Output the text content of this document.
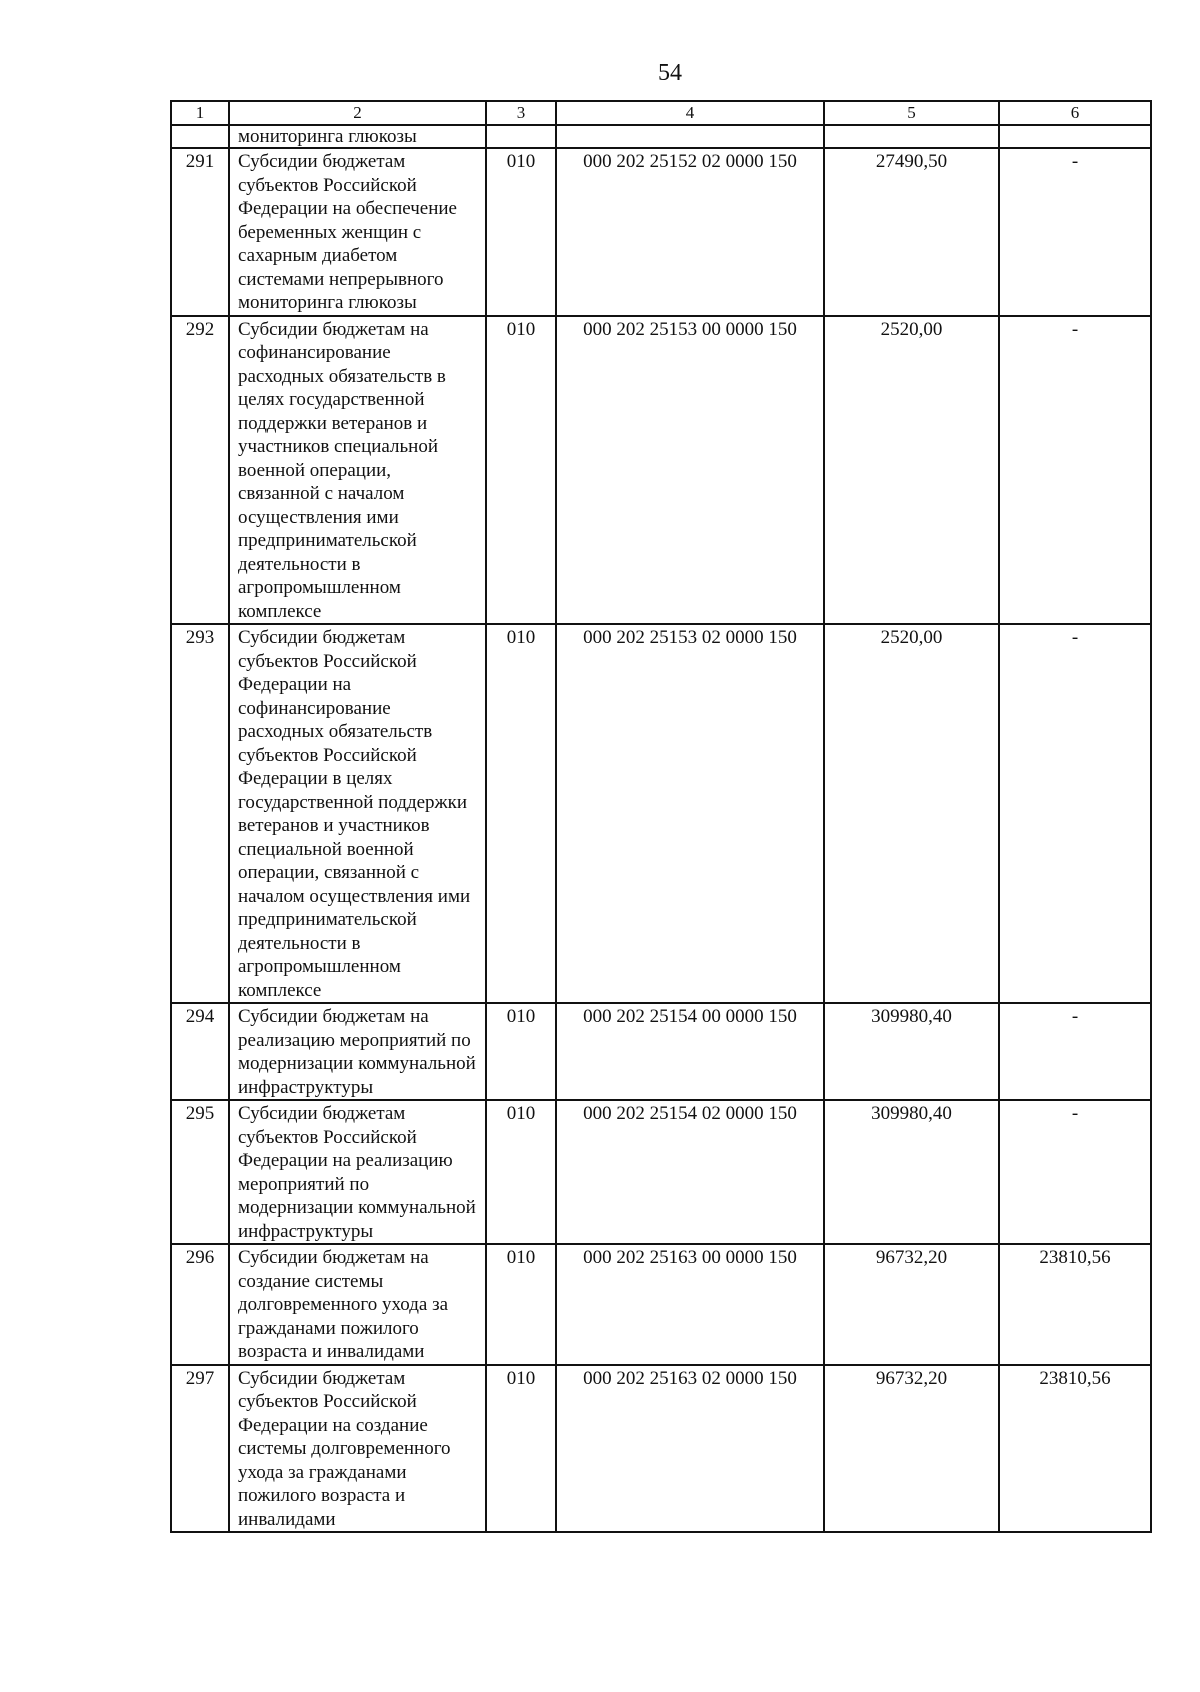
54
1	2	3	4	5	6
	мониторинга глюкозы				
291	Субсидии бюджетам субъектов Российской Федерации на обеспечение беременных женщин с сахарным диабетом системами непрерывного мониторинга глюкозы	010	000 202 25152 02 0000 150	27490,50	-
292	Субсидии бюджетам на софинансирование расходных обязательств в целях государственной поддержки ветеранов и участников специальной военной операции, связанной с началом осуществления ими предпринимательской деятельности в агропромышленном комплексе	010	000 202 25153 00 0000 150	2520,00	-
293	Субсидии бюджетам субъектов Российской Федерации на софинансирование расходных обязательств субъектов Российской Федерации в целях государственной поддержки ветеранов и участников специальной военной операции, связанной с началом осуществления ими предпринимательской деятельности в агропромышленном комплексе	010	000 202 25153 02 0000 150	2520,00	-
294	Субсидии бюджетам на реализацию мероприятий по модернизации коммунальной инфраструктуры	010	000 202 25154 00 0000 150	309980,40	-
295	Субсидии бюджетам субъектов Российской Федерации на реализацию мероприятий по модернизации коммунальной инфраструктуры	010	000 202 25154 02 0000 150	309980,40	-
296	Субсидии бюджетам на создание системы долговременного ухода за гражданами пожилого возраста и инвалидами	010	000 202 25163 00 0000 150	96732,20	23810,56
297	Субсидии бюджетам субъектов Российской Федерации на создание системы долговременного ухода за гражданами пожилого возраста и инвалидами	010	000 202 25163 02 0000 150	96732,20	23810,56
